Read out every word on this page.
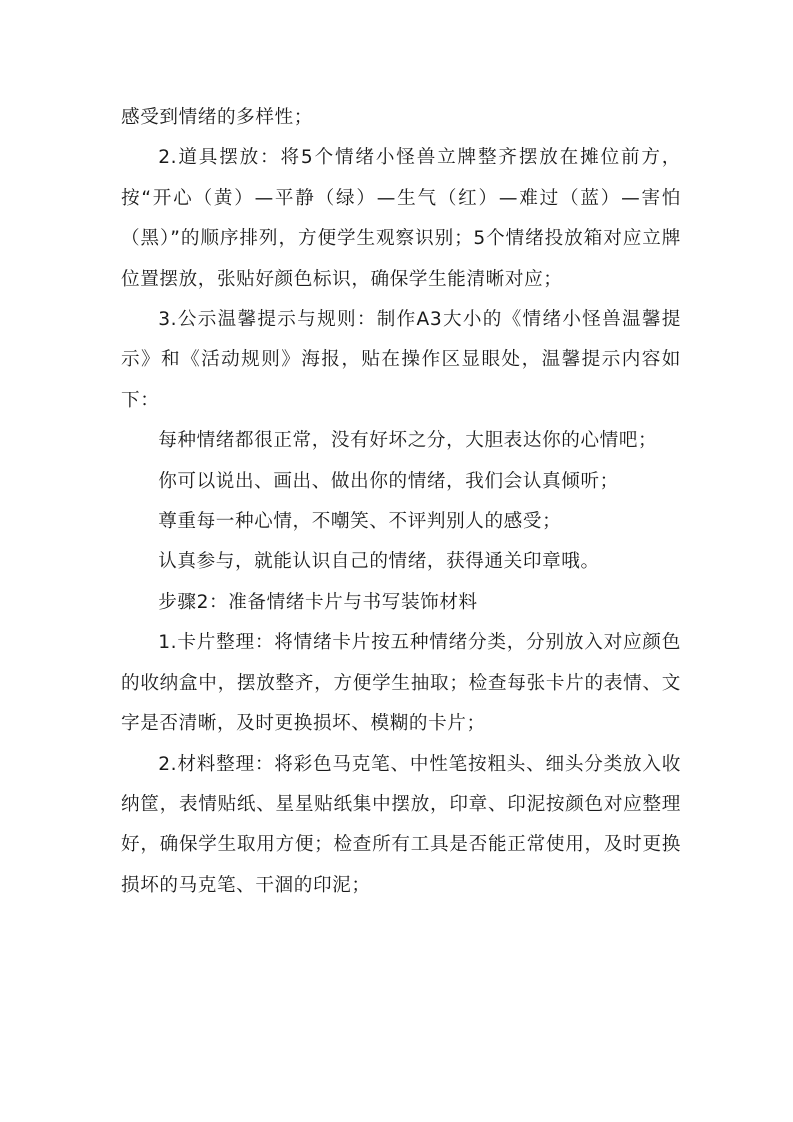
感受到情绪的多样性；

2.道具摆放：将5个情绪小怪兽立牌整齐摆放在摊位前方，按“开心（黄）—平静（绿）—生气（红）—难过（蓝）—害怕（黑）”的顺序排列，方便学生观察识别；5个情绪投放箱对应立牌位置摆放，张贴好颜色标识，确保学生能清晰对应；

3.公示温馨提示与规则：制作A3大小的《情绪小怪兽温馨提示》和《活动规则》海报，贴在操作区显眼处，温馨提示内容如下：

每种情绪都很正常，没有好坏之分，大胆表达你的心情吧；

你可以说出、画出、做出你的情绪，我们会认真倾听；

尊重每一种心情，不嘲笑、不评判别人的感受；

认真参与，就能认识自己的情绪，获得通关印章哦。

步骤2：准备情绪卡片与书写装饰材料

1.卡片整理：将情绪卡片按五种情绪分类，分别放入对应颜色的收纳盒中，摆放整齐，方便学生抽取；检查每张卡片的表情、文字是否清晰，及时更换损坏、模糊的卡片；

2.材料整理：将彩色马克笔、中性笔按粗头、细头分类放入收纳筐，表情贴纸、星星贴纸集中摆放，印章、印泥按颜色对应整理好，确保学生取用方便；检查所有工具是否能正常使用，及时更换损坏的马克笔、干涸的印泥；
